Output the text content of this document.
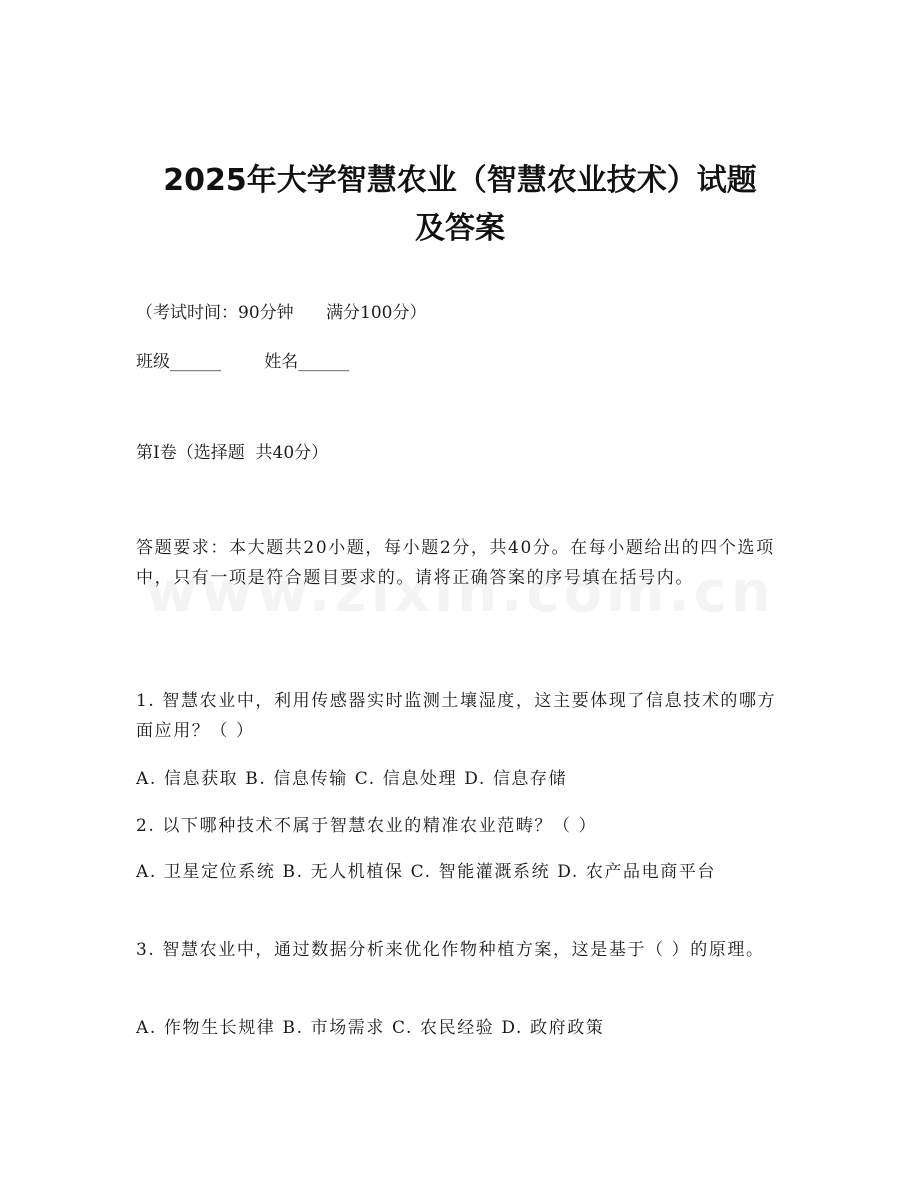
2025年大学智慧农业（智慧农业技术）试题
及答案
（考试时间：90分钟      满分100分）
班级______        姓名______
第I卷（选择题  共40分）
答题要求：本大题共20小题，每小题2分，共40分。在每小题给出的四个选项中，只有一项是符合题目要求的。请将正确答案的序号填在括号内。
1. 智慧农业中，利用传感器实时监测土壤湿度，这主要体现了信息技术的哪方面应用？（ ）
A. 信息获取 B. 信息传输 C. 信息处理 D. 信息存储
2. 以下哪种技术不属于智慧农业的精准农业范畴？（ ）
A. 卫星定位系统 B. 无人机植保 C. 智能灌溉系统 D. 农产品电商平台
3. 智慧农业中，通过数据分析来优化作物种植方案，这是基于（ ）的原理。
A. 作物生长规律 B. 市场需求 C. 农民经验 D. 政府政策
